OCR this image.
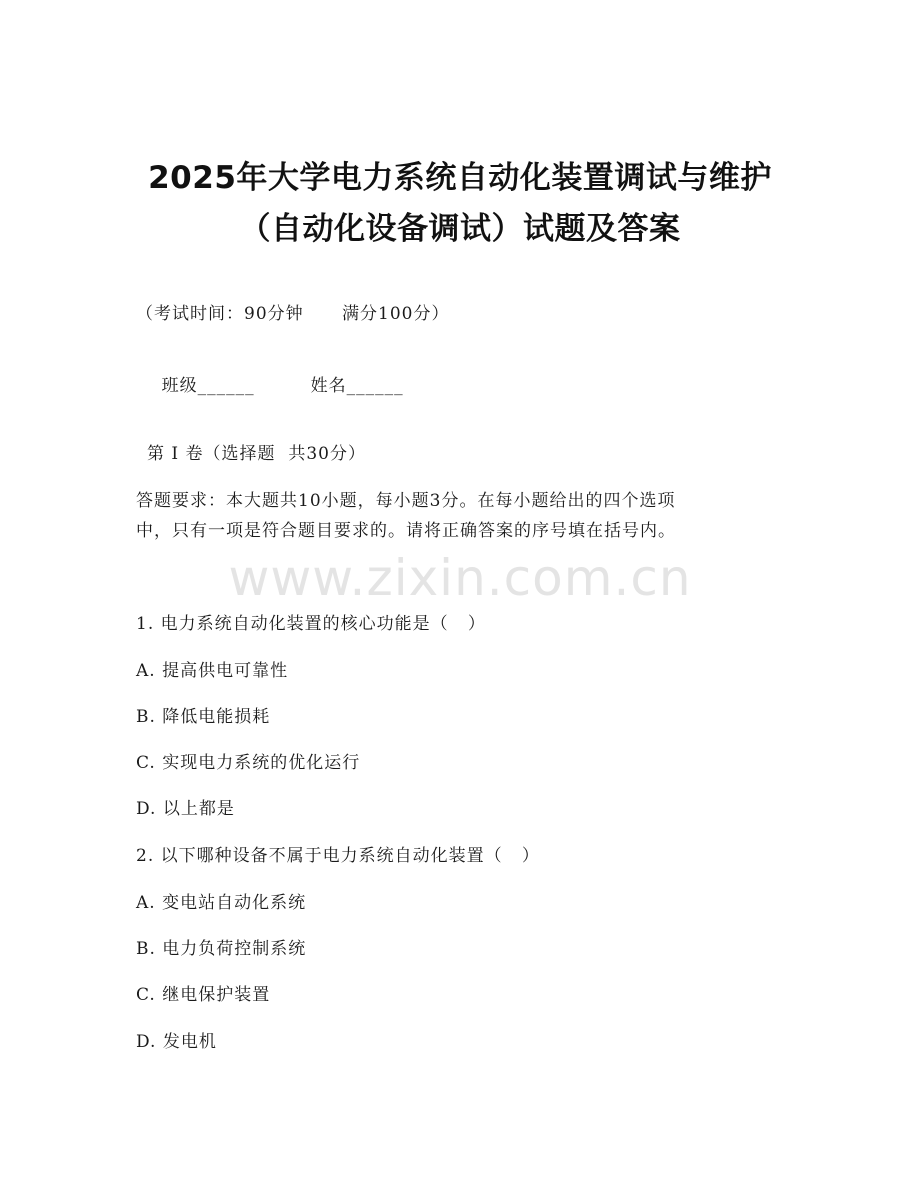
www.zixin.com.cn
2025年大学电力系统自动化装置调试与维护
（自动化设备调试）试题及答案
（考试时间：90分钟      满分100分）

班级______	姓名______

第 I 卷（选择题  共30分）
答题要求：本大题共10小题，每小题3分。在每小题给出的四个选项
中，只有一项是符合题目要求的。请将正确答案的序号填在括号内。
1. 电力系统自动化装置的核心功能是（   ）
A. 提高供电可靠性
B. 降低电能损耗
C. 实现电力系统的优化运行
D. 以上都是
2. 以下哪种设备不属于电力系统自动化装置（   ）
A. 变电站自动化系统
B. 电力负荷控制系统
C. 继电保护装置
D. 发电机
